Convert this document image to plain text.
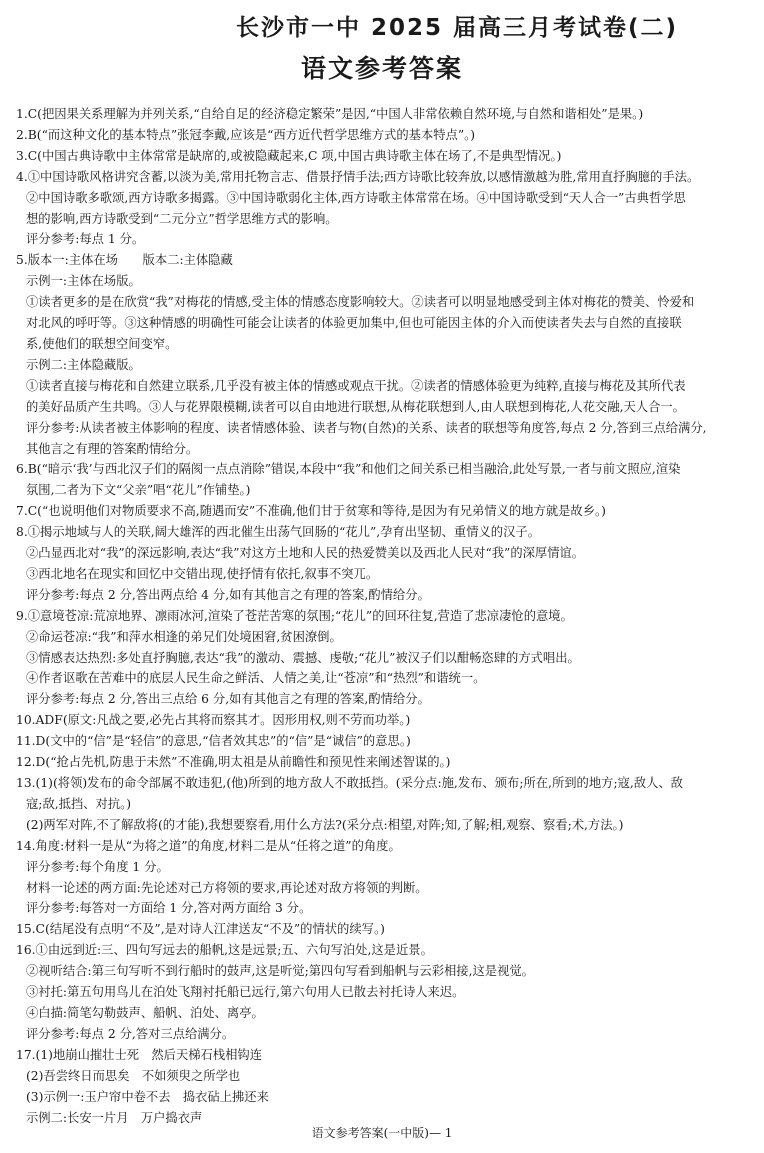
长沙市一中 2025 届高三月考试卷(二)
语文参考答案

1.C(把因果关系理解为并列关系,“自给自足的经济稳定繁荣”是因,“中国人非常依赖自然环境,与自然和谐相处”是果。)

2.B(“而这种文化的基本特点”张冠李戴,应该是“西方近代哲学思维方式的基本特点”。)

3.C(中国古典诗歌中主体常常是缺席的,或被隐藏起来,C 项,中国古典诗歌主体在场了,不是典型情况。)

4.①中国诗歌风格讲究含蓄,以淡为美,常用托物言志、借景抒情手法;西方诗歌比较奔放,以感情激越为胜,常用直抒胸臆的手法。

②中国诗歌多歌颂,西方诗歌多揭露。③中国诗歌弱化主体,西方诗歌主体常常在场。④中国诗歌受到“天人合一”古典哲学思

想的影响,西方诗歌受到“二元分立”哲学思维方式的影响。

评分参考:每点 1 分。

5.版本一:主体在场　　版本二:主体隐藏

示例一:主体在场版。

①读者更多的是在欣赏“我”对梅花的情感,受主体的情感态度影响较大。②读者可以明显地感受到主体对梅花的赞美、怜爱和

对北风的呼吁等。③这种情感的明确性可能会让读者的体验更加集中,但也可能因主体的介入而使读者失去与自然的直接联

系,使他们的联想空间变窄。

示例二:主体隐藏版。

①读者直接与梅花和自然建立联系,几乎没有被主体的情感或观点干扰。②读者的情感体验更为纯粹,直接与梅花及其所代表

的美好品质产生共鸣。③人与花界限模糊,读者可以自由地进行联想,从梅花联想到人,由人联想到梅花,人花交融,天人合一。

评分参考:从读者被主体影响的程度、读者情感体验、读者与物(自然)的关系、读者的联想等角度答,每点 2 分,答到三点给满分,

其他言之有理的答案酌情给分。

6.B(“暗示‘我’与西北汉子们的隔阂一点点消除”错误,本段中“我”和他们之间关系已相当融洽,此处写景,一者与前文照应,渲染

氛围,二者为下文“父亲”唱“花儿”作铺垫。)

7.C(“也说明他们对物质要求不高,随遇而安”不准确,他们甘于贫寒和等待,是因为有兄弟情义的地方就是故乡。)

8.①揭示地域与人的关联,阔大雄浑的西北催生出荡气回肠的“花儿”,孕育出坚韧、重情义的汉子。

②凸显西北对“我”的深远影响,表达“我”对这方土地和人民的热爱赞美以及西北人民对“我”的深厚情谊。

③西北地名在现实和回忆中交错出现,使抒情有依托,叙事不突兀。

评分参考:每点 2 分,答出两点给 4 分,如有其他言之有理的答案,酌情给分。

9.①意境苍凉:荒凉地界、凛雨冰河,渲染了苍茫苦寒的氛围;“花儿”的回环往复,营造了悲凉凄怆的意境。

②命运苍凉:“我”和萍水相逢的弟兄们处境困窘,贫困潦倒。

③情感表达热烈:多处直抒胸臆,表达“我”的激动、震撼、虔敬;“花儿”被汉子们以酣畅恣肆的方式唱出。

④作者讴歌在苦难中的底层人民生命之鲜活、人情之美,让“苍凉”和“热烈”和谐统一。

评分参考:每点 2 分,答出三点给 6 分,如有其他言之有理的答案,酌情给分。

10.ADF(原文:凡战之要,必先占其将而察其才。因形用权,则不劳而功举。)

11.D(文中的“信”是“轻信”的意思,“信者效其忠”的“信”是“诚信”的意思。)

12.D(“抢占先机,防患于未然”不准确,明太祖是从前瞻性和预见性来阐述智谋的。)

13.(1)(将领)发布的命令部属不敢违犯,(他)所到的地方敌人不敢抵挡。(采分点:施,发布、颁布;所在,所到的地方;寇,敌人、敌

寇;敌,抵挡、对抗。)

(2)两军对阵,不了解敌将(的才能),我想要察看,用什么方法?(采分点:相望,对阵;知,了解;相,观察、察看;术,方法。)

14.角度:材料一是从“为将之道”的角度,材料二是从“任将之道”的角度。

评分参考:每个角度 1 分。

材料一论述的两方面:先论述对己方将领的要求,再论述对敌方将领的判断。

评分参考:每答对一方面给 1 分,答对两方面给 3 分。

15.C(结尾没有点明“不及”,是对诗人江津送友“不及”的情状的续写。)

16.①由远到近:三、四句写远去的船帆,这是远景;五、六句写泊处,这是近景。

②视听结合:第三句写听不到行船时的鼓声,这是听觉;第四句写看到船帆与云彩相接,这是视觉。

③衬托:第五句用鸟儿在泊处飞翔衬托船已远行,第六句用人已散去衬托诗人来迟。

④白描:简笔勾勒鼓声、船帆、泊处、离亭。

评分参考:每点 2 分,答对三点给满分。

17.(1)地崩山摧壮士死　然后天梯石栈相钩连

(2)吾尝终日而思矣　不如须臾之所学也

(3)示例一:玉户帘中卷不去　捣衣砧上拂还来

示例二:长安一片月　万户捣衣声

语文参考答案(一中版)— 1
